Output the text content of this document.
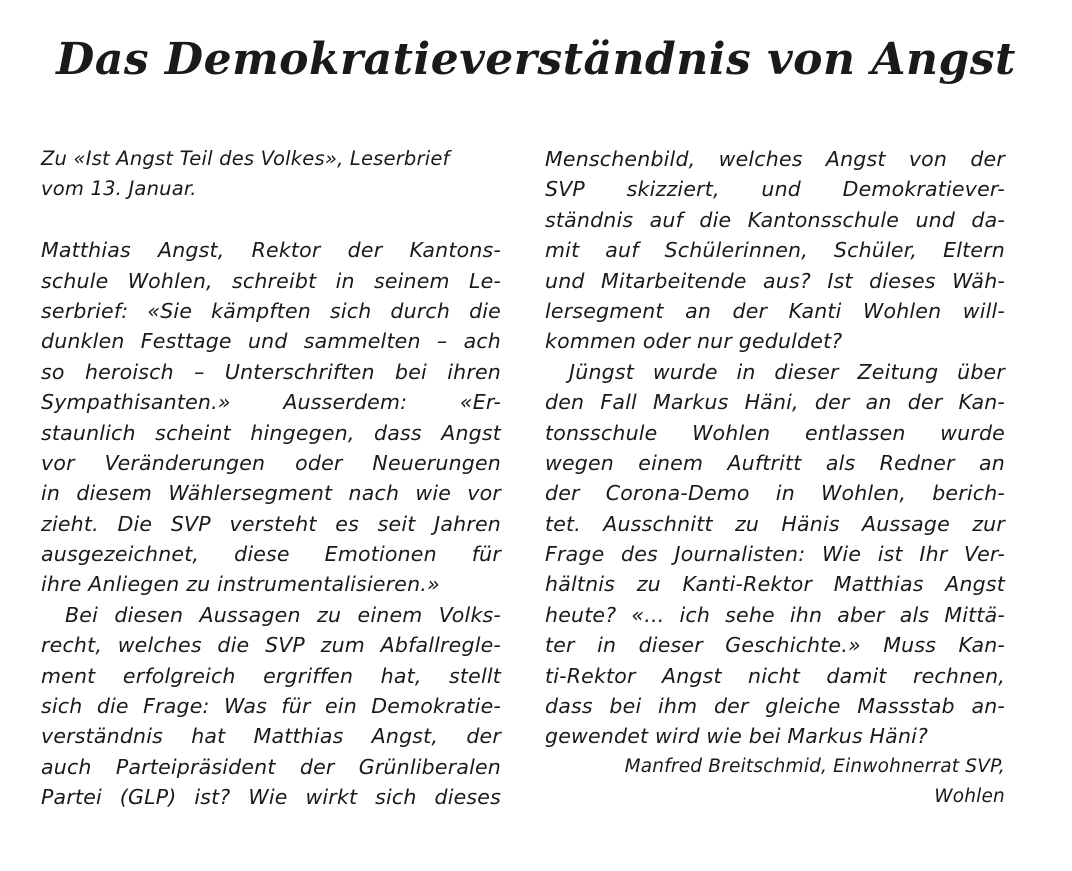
Das Demokratieverständnis von Angst
Zu «Ist Angst Teil des Volkes», Leserbrief
vom 13. Januar.
Matthias Angst, Rektor der Kantons-
schule Wohlen, schreibt in seinem Le-
serbrief: «Sie kämpften sich durch die
dunklen Festtage und sammelten – ach
so heroisch – Unterschriften bei ihren
Sympathisanten.» Ausserdem: «Er-
staunlich scheint hingegen, dass Angst
vor Veränderungen oder Neuerungen
in diesem Wählersegment nach wie vor
zieht. Die SVP versteht es seit Jahren
ausgezeichnet, diese Emotionen für
ihre Anliegen zu instrumentalisieren.»
Bei diesen Aussagen zu einem Volks-
recht, welches die SVP zum Abfallregle-
ment erfolgreich ergriffen hat, stellt
sich die Frage: Was für ein Demokratie-
verständnis hat Matthias Angst, der
auch Parteipräsident der Grünliberalen
Partei (GLP) ist? Wie wirkt sich dieses
Menschenbild, welches Angst von der
SVP skizziert, und Demokratiever-
ständnis auf die Kantonsschule und da-
mit auf Schülerinnen, Schüler, Eltern
und Mitarbeitende aus? Ist dieses Wäh-
lersegment an der Kanti Wohlen will-
kommen oder nur geduldet?
Jüngst wurde in dieser Zeitung über
den Fall Markus Häni, der an der Kan-
tonsschule Wohlen entlassen wurde
wegen einem Auftritt als Redner an
der Corona-Demo in Wohlen, berich-
tet. Ausschnitt zu Hänis Aussage zur
Frage des Journalisten: Wie ist Ihr Ver-
hältnis zu Kanti-Rektor Matthias Angst
heute? «... ich sehe ihn aber als Mittä-
ter in dieser Geschichte.» Muss Kan-
ti-Rektor Angst nicht damit rechnen,
dass bei ihm der gleiche Massstab an-
gewendet wird wie bei Markus Häni?
Manfred Breitschmid, Einwohnerrat SVP,
Wohlen
